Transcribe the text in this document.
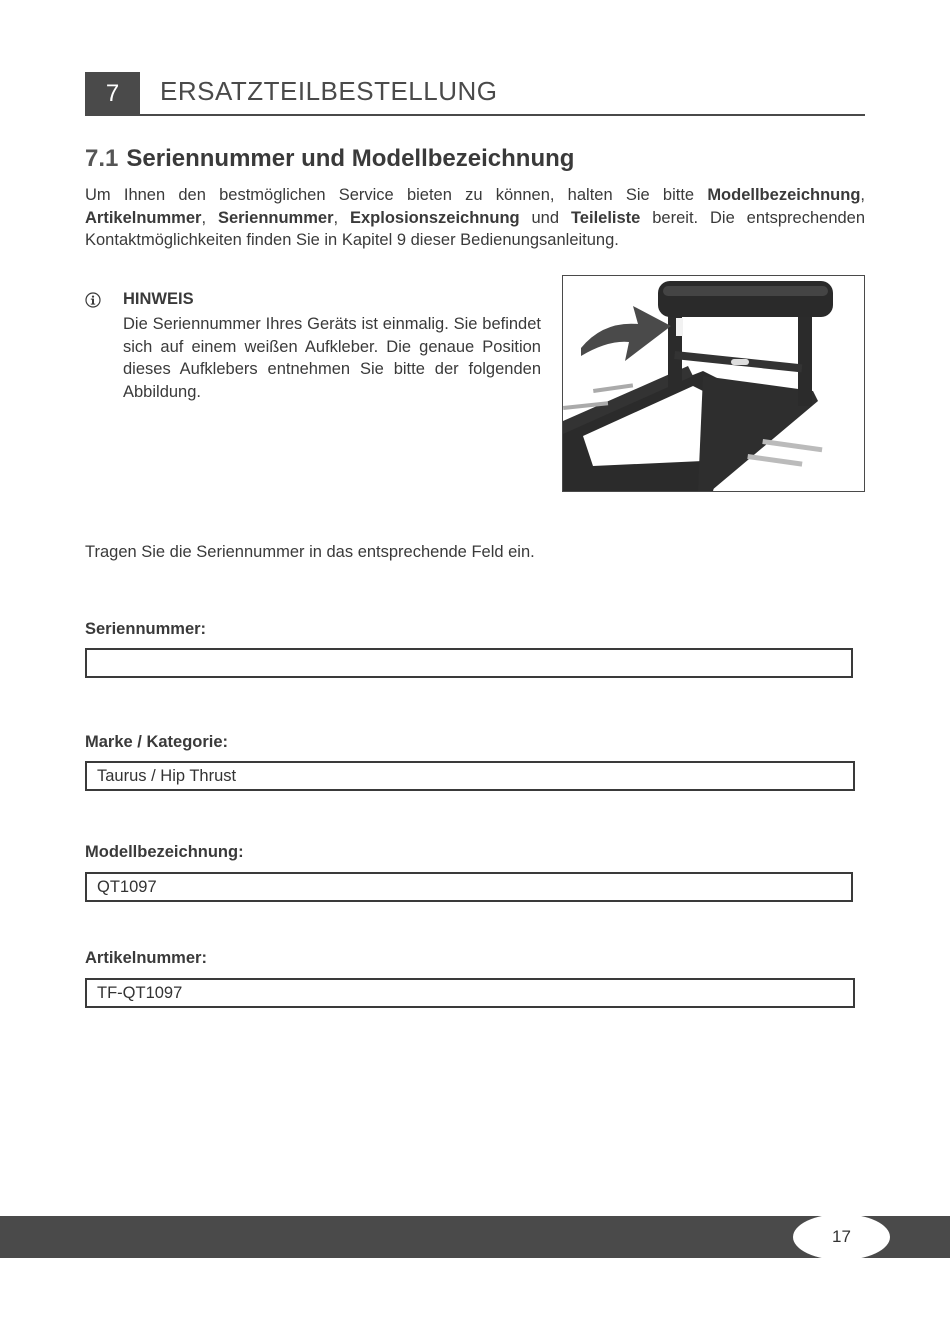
7	ERSATZTEILBESTELLUNG
7.1 Seriennummer und Modellbezeichnung
Um Ihnen den bestmöglichen Service bieten zu können, halten Sie bitte Modellbezeichnung, Artikelnummer, Seriennummer, Explosionszeichnung und Teileliste bereit. Die entsprechenden Kontaktmöglichkeiten finden Sie in Kapitel 9 dieser Bedienungsanleitung.
HINWEIS
Die Seriennummer Ihres Geräts ist einmalig. Sie befindet sich auf einem weißen Aufkleber. Die genaue Position dieses Aufklebers entnehmen Sie bitte der folgenden Abbildung.
Tragen Sie die Seriennummer in das entsprechende Feld ein.
Seriennummer:
Marke / Kategorie:
Taurus / Hip Thrust
Modellbezeichnung:
QT1097
Artikelnummer:
TF-QT1097
17
